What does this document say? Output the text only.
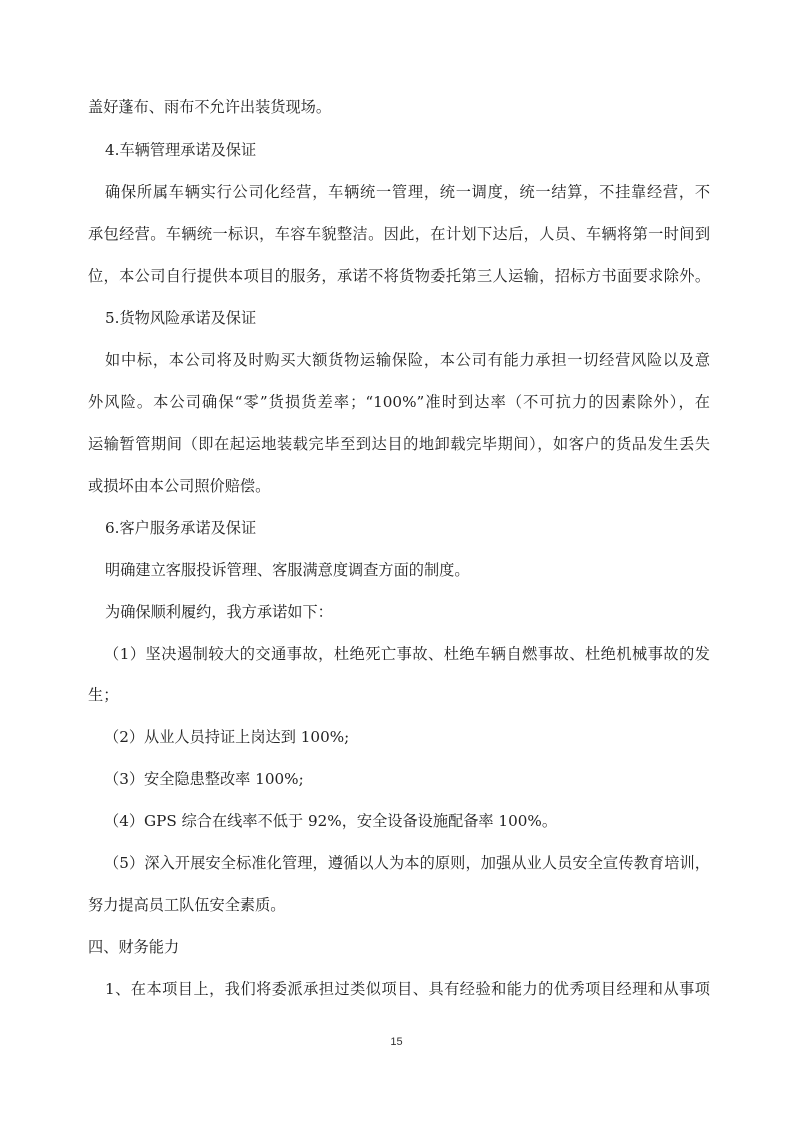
盖好蓬布、雨布不允许出装货现场。
4.车辆管理承诺及保证
确保所属车辆实行公司化经营，车辆统一管理，统一调度，统一结算，不挂靠经营，不
承包经营。车辆统一标识，车容车貌整洁。因此，在计划下达后，人员、车辆将第一时间到
位，本公司自行提供本项目的服务，承诺不将货物委托第三人运输，招标方书面要求除外。
5.货物风险承诺及保证
如中标，本公司将及时购买大额货物运输保险，本公司有能力承担一切经营风险以及意
外风险。本公司确保“零”货损货差率；“100%”准时到达率（不可抗力的因素除外），在
运输暂管期间（即在起运地装载完毕至到达目的地卸载完毕期间），如客户的货品发生丢失
或损坏由本公司照价赔偿。
6.客户服务承诺及保证
明确建立客服投诉管理、客服满意度调查方面的制度。
为确保顺利履约，我方承诺如下：
（1）坚决遏制较大的交通事故，杜绝死亡事故、杜绝车辆自燃事故、杜绝机械事故的发
生；
（2）从业人员持证上岗达到 100%;
（3）安全隐患整改率 100%;
（4）GPS 综合在线率不低于 92%，安全设备设施配备率 100%。
（5）深入开展安全标准化管理，遵循以人为本的原则，加强从业人员安全宣传教育培训，
努力提高员工队伍安全素质。
四、财务能力
1、在本项目上，我们将委派承担过类似项目、具有经验和能力的优秀项目经理和从事项
15
